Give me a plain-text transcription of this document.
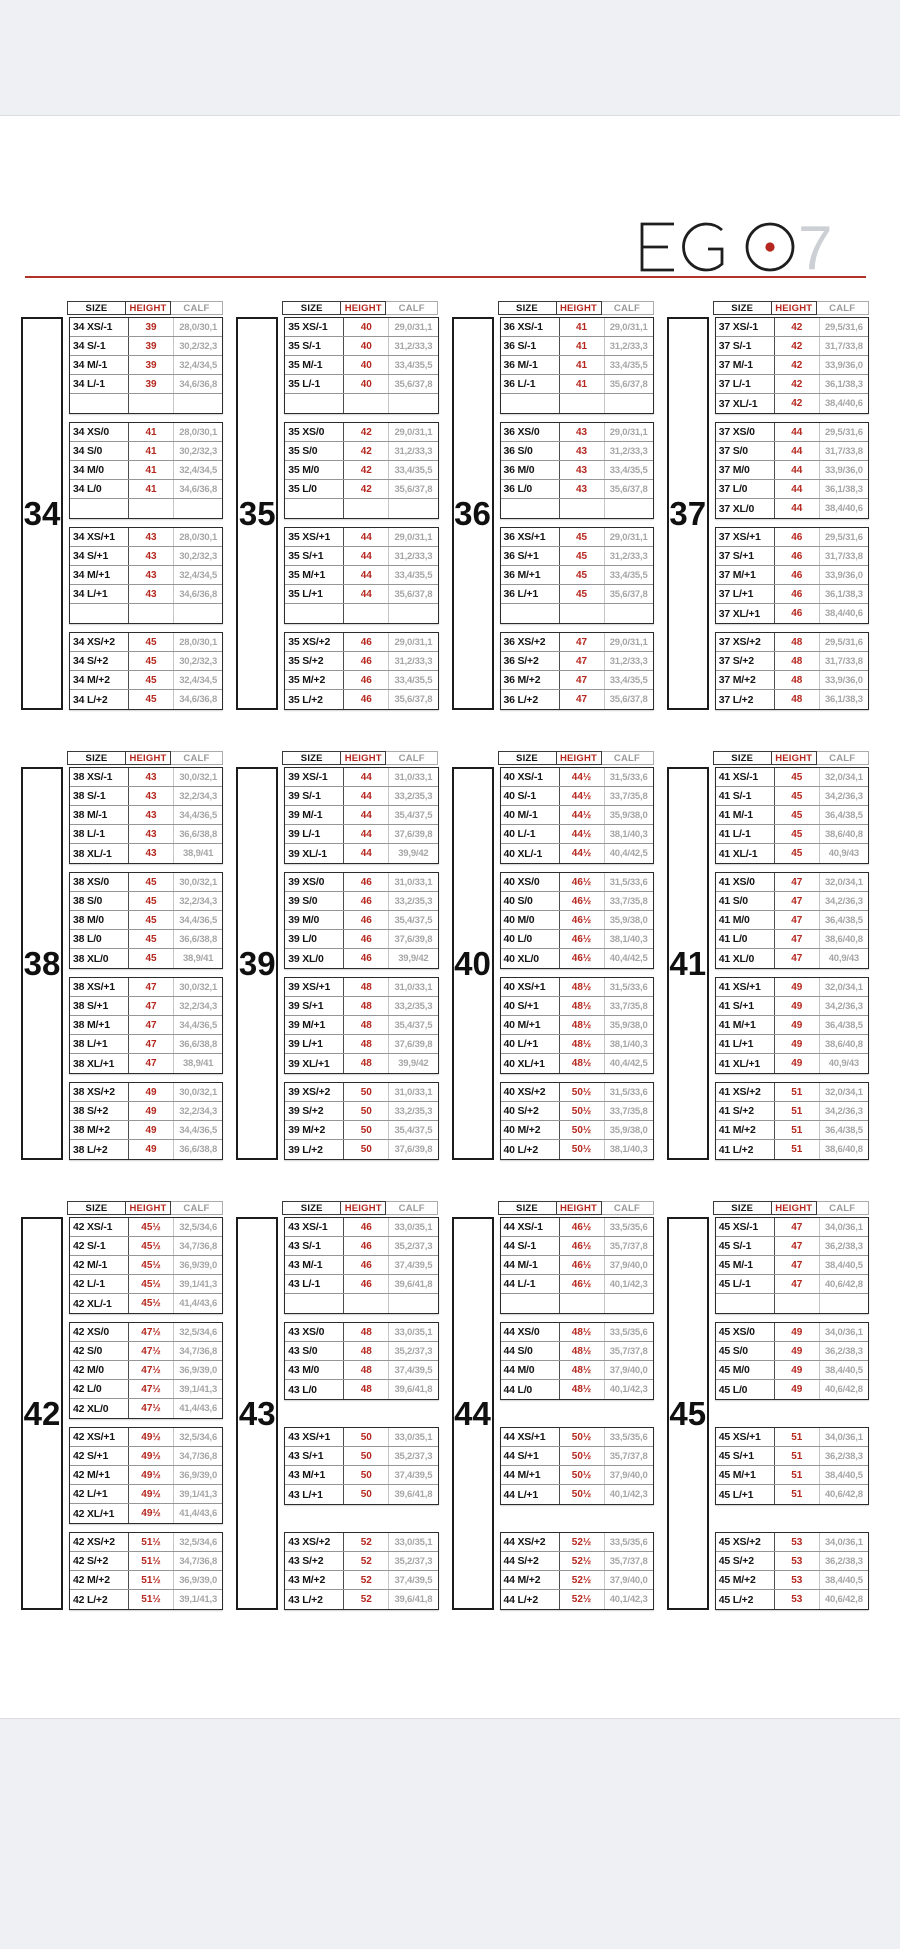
7
SIZE	HEIGHT	CALF
34
34 XS/-1	39	28,0/30,1
34 S/-1	39	30,2/32,3
34 M/-1	39	32,4/34,5
34 L/-1	39	34,6/36,8
34 XS/0	41	28,0/30,1
34 S/0	41	30,2/32,3
34 M/0	41	32,4/34,5
34 L/0	41	34,6/36,8
34 XS/+1	43	28,0/30,1
34 S/+1	43	30,2/32,3
34 M/+1	43	32,4/34,5
34 L/+1	43	34,6/36,8
34 XS/+2	45	28,0/30,1
34 S/+2	45	30,2/32,3
34 M/+2	45	32,4/34,5
34 L/+2	45	34,6/36,8
SIZE	HEIGHT	CALF
35
35 XS/-1	40	29,0/31,1
35 S/-1	40	31,2/33,3
35 M/-1	40	33,4/35,5
35 L/-1	40	35,6/37,8
35 XS/0	42	29,0/31,1
35 S/0	42	31,2/33,3
35 M/0	42	33,4/35,5
35 L/0	42	35,6/37,8
35 XS/+1	44	29,0/31,1
35 S/+1	44	31,2/33,3
35 M/+1	44	33,4/35,5
35 L/+1	44	35,6/37,8
35 XS/+2	46	29,0/31,1
35 S/+2	46	31,2/33,3
35 M/+2	46	33,4/35,5
35 L/+2	46	35,6/37,8
SIZE	HEIGHT	CALF
36
36 XS/-1	41	29,0/31,1
36 S/-1	41	31,2/33,3
36 M/-1	41	33,4/35,5
36 L/-1	41	35,6/37,8
36 XS/0	43	29,0/31,1
36 S/0	43	31,2/33,3
36 M/0	43	33,4/35,5
36 L/0	43	35,6/37,8
36 XS/+1	45	29,0/31,1
36 S/+1	45	31,2/33,3
36 M/+1	45	33,4/35,5
36 L/+1	45	35,6/37,8
36 XS/+2	47	29,0/31,1
36 S/+2	47	31,2/33,3
36 M/+2	47	33,4/35,5
36 L/+2	47	35,6/37,8
SIZE	HEIGHT	CALF
37
37 XS/-1	42	29,5/31,6
37 S/-1	42	31,7/33,8
37 M/-1	42	33,9/36,0
37 L/-1	42	36,1/38,3
37 XL/-1	42	38,4/40,6
37 XS/0	44	29,5/31,6
37 S/0	44	31,7/33,8
37 M/0	44	33,9/36,0
37 L/0	44	36,1/38,3
37 XL/0	44	38,4/40,6
37 XS/+1	46	29,5/31,6
37 S/+1	46	31,7/33,8
37 M/+1	46	33,9/36,0
37 L/+1	46	36,1/38,3
37 XL/+1	46	38,4/40,6
37 XS/+2	48	29,5/31,6
37 S/+2	48	31,7/33,8
37 M/+2	48	33,9/36,0
37 L/+2	48	36,1/38,3
SIZE	HEIGHT	CALF
38
38 XS/-1	43	30,0/32,1
38 S/-1	43	32,2/34,3
38 M/-1	43	34,4/36,5
38 L/-1	43	36,6/38,8
38 XL/-1	43	38,9/41
38 XS/0	45	30,0/32,1
38 S/0	45	32,2/34,3
38 M/0	45	34,4/36,5
38 L/0	45	36,6/38,8
38 XL/0	45	38,9/41
38 XS/+1	47	30,0/32,1
38 S/+1	47	32,2/34,3
38 M/+1	47	34,4/36,5
38 L/+1	47	36,6/38,8
38 XL/+1	47	38,9/41
38 XS/+2	49	30,0/32,1
38 S/+2	49	32,2/34,3
38 M/+2	49	34,4/36,5
38 L/+2	49	36,6/38,8
SIZE	HEIGHT	CALF
39
39 XS/-1	44	31,0/33,1
39 S/-1	44	33,2/35,3
39 M/-1	44	35,4/37,5
39 L/-1	44	37,6/39,8
39 XL/-1	44	39,9/42
39 XS/0	46	31,0/33,1
39 S/0	46	33,2/35,3
39 M/0	46	35,4/37,5
39 L/0	46	37,6/39,8
39 XL/0	46	39,9/42
39 XS/+1	48	31,0/33,1
39 S/+1	48	33,2/35,3
39 M/+1	48	35,4/37,5
39 L/+1	48	37,6/39,8
39 XL/+1	48	39,9/42
39 XS/+2	50	31,0/33,1
39 S/+2	50	33,2/35,3
39 M/+2	50	35,4/37,5
39 L/+2	50	37,6/39,8
SIZE	HEIGHT	CALF
40
40 XS/-1	44½	31,5/33,6
40 S/-1	44½	33,7/35,8
40 M/-1	44½	35,9/38,0
40 L/-1	44½	38,1/40,3
40 XL/-1	44½	40,4/42,5
40 XS/0	46½	31,5/33,6
40 S/0	46½	33,7/35,8
40 M/0	46½	35,9/38,0
40 L/0	46½	38,1/40,3
40 XL/0	46½	40,4/42,5
40 XS/+1	48½	31,5/33,6
40 S/+1	48½	33,7/35,8
40 M/+1	48½	35,9/38,0
40 L/+1	48½	38,1/40,3
40 XL/+1	48½	40,4/42,5
40 XS/+2	50½	31,5/33,6
40 S/+2	50½	33,7/35,8
40 M/+2	50½	35,9/38,0
40 L/+2	50½	38,1/40,3
SIZE	HEIGHT	CALF
41
41 XS/-1	45	32,0/34,1
41 S/-1	45	34,2/36,3
41 M/-1	45	36,4/38,5
41 L/-1	45	38,6/40,8
41 XL/-1	45	40,9/43
41 XS/0	47	32,0/34,1
41 S/0	47	34,2/36,3
41 M/0	47	36,4/38,5
41 L/0	47	38,6/40,8
41 XL/0	47	40,9/43
41 XS/+1	49	32,0/34,1
41 S/+1	49	34,2/36,3
41 M/+1	49	36,4/38,5
41 L/+1	49	38,6/40,8
41 XL/+1	49	40,9/43
41 XS/+2	51	32,0/34,1
41 S/+2	51	34,2/36,3
41 M/+2	51	36,4/38,5
41 L/+2	51	38,6/40,8
SIZE	HEIGHT	CALF
42
42 XS/-1	45½	32,5/34,6
42 S/-1	45½	34,7/36,8
42 M/-1	45½	36,9/39,0
42 L/-1	45½	39,1/41,3
42 XL/-1	45½	41,4/43,6
42 XS/0	47½	32,5/34,6
42 S/0	47½	34,7/36,8
42 M/0	47½	36,9/39,0
42 L/0	47½	39,1/41,3
42 XL/0	47½	41,4/43,6
42 XS/+1	49½	32,5/34,6
42 S/+1	49½	34,7/36,8
42 M/+1	49½	36,9/39,0
42 L/+1	49½	39,1/41,3
42 XL/+1	49½	41,4/43,6
42 XS/+2	51½	32,5/34,6
42 S/+2	51½	34,7/36,8
42 M/+2	51½	36,9/39,0
42 L/+2	51½	39,1/41,3
SIZE	HEIGHT	CALF
43
43 XS/-1	46	33,0/35,1
43 S/-1	46	35,2/37,3
43 M/-1	46	37,4/39,5
43 L/-1	46	39,6/41,8
43 XS/0	48	33,0/35,1
43 S/0	48	35,2/37,3
43 M/0	48	37,4/39,5
43 L/0	48	39,6/41,8
43 XS/+1	50	33,0/35,1
43 S/+1	50	35,2/37,3
43 M/+1	50	37,4/39,5
43 L/+1	50	39,6/41,8
43 XS/+2	52	33,0/35,1
43 S/+2	52	35,2/37,3
43 M/+2	52	37,4/39,5
43 L/+2	52	39,6/41,8
SIZE	HEIGHT	CALF
44
44 XS/-1	46½	33,5/35,6
44 S/-1	46½	35,7/37,8
44 M/-1	46½	37,9/40,0
44 L/-1	46½	40,1/42,3
44 XS/0	48½	33,5/35,6
44 S/0	48½	35,7/37,8
44 M/0	48½	37,9/40,0
44 L/0	48½	40,1/42,3
44 XS/+1	50½	33,5/35,6
44 S/+1	50½	35,7/37,8
44 M/+1	50½	37,9/40,0
44 L/+1	50½	40,1/42,3
44 XS/+2	52½	33,5/35,6
44 S/+2	52½	35,7/37,8
44 M/+2	52½	37,9/40,0
44 L/+2	52½	40,1/42,3
SIZE	HEIGHT	CALF
45
45 XS/-1	47	34,0/36,1
45 S/-1	47	36,2/38,3
45 M/-1	47	38,4/40,5
45 L/-1	47	40,6/42,8
45 XS/0	49	34,0/36,1
45 S/0	49	36,2/38,3
45 M/0	49	38,4/40,5
45 L/0	49	40,6/42,8
45 XS/+1	51	34,0/36,1
45 S/+1	51	36,2/38,3
45 M/+1	51	38,4/40,5
45 L/+1	51	40,6/42,8
45 XS/+2	53	34,0/36,1
45 S/+2	53	36,2/38,3
45 M/+2	53	38,4/40,5
45 L/+2	53	40,6/42,8
